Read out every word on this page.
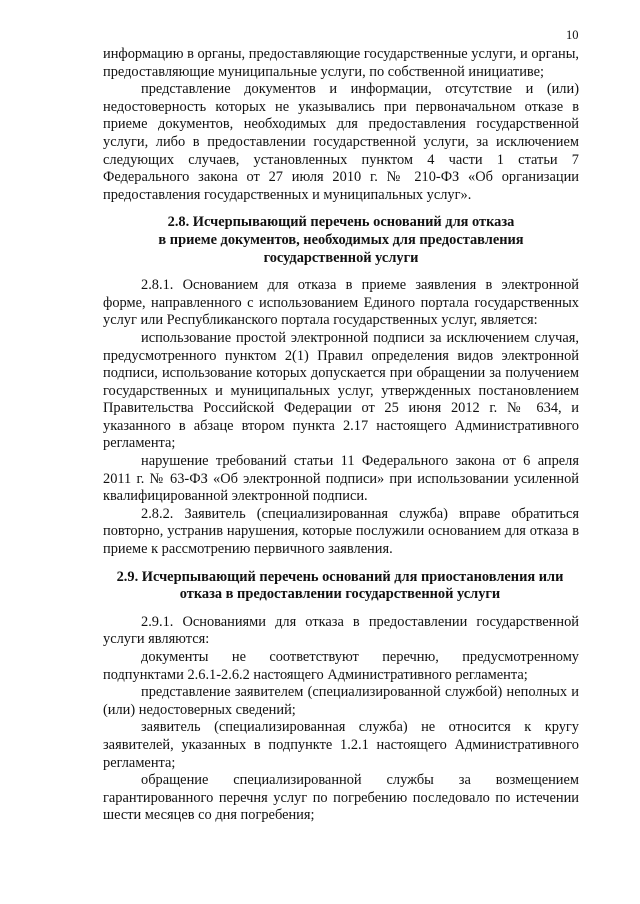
10

информацию в органы, предоставляющие государственные услуги, и органы, предоставляющие муниципальные услуги, по собственной инициативе;

представление документов и информации, отсутствие и (или) недостоверность которых не указывались при первоначальном отказе в приеме документов, необходимых для предоставления государственной услуги, либо в предоставлении государственной услуги, за исключением следующих случаев, установленных пунктом 4 части 1 статьи 7 Федерального закона от 27 июля 2010 г. № 210-ФЗ «Об организации предоставления государственных и муниципальных услуг».

2.8. Исчерпывающий перечень оснований для отказа
в приеме документов, необходимых для предоставления
государственной услуги

2.8.1. Основанием для отказа в приеме заявления в электронной форме, направленного с использованием Единого портала государственных услуг или Республиканского портала государственных услуг, является:

использование простой электронной подписи за исключением случая, предусмотренного пунктом 2(1) Правил определения видов электронной подписи, использование которых допускается при обращении за получением государственных и муниципальных услуг, утвержденных постановлением Правительства Российской Федерации от 25 июня 2012 г. № 634, и указанного в абзаце втором пункта 2.17 настоящего Административного регламента;

нарушение требований статьи 11 Федерального закона от 6 апреля 2011 г. № 63-ФЗ «Об электронной подписи» при использовании усиленной квалифицированной электронной подписи.

2.8.2. Заявитель (специализированная служба) вправе обратиться повторно, устранив нарушения, которые послужили основанием для отказа в приеме к рассмотрению первичного заявления.

2.9. Исчерпывающий перечень оснований для приостановления или
отказа в предоставлении государственной услуги

2.9.1. Основаниями для отказа в предоставлении государственной услуги являются:

документы не соответствуют перечню, предусмотренному подпунктами 2.6.1-2.6.2 настоящего Административного регламента;

представление заявителем (специализированной службой) неполных и (или) недостоверных сведений;

заявитель (специализированная служба) не относится к кругу заявителей, указанных в подпункте 1.2.1 настоящего Административного регламента;

обращение специализированной службы за возмещением гарантированного перечня услуг по погребению последовало по истечении шести месяцев со дня погребения;
